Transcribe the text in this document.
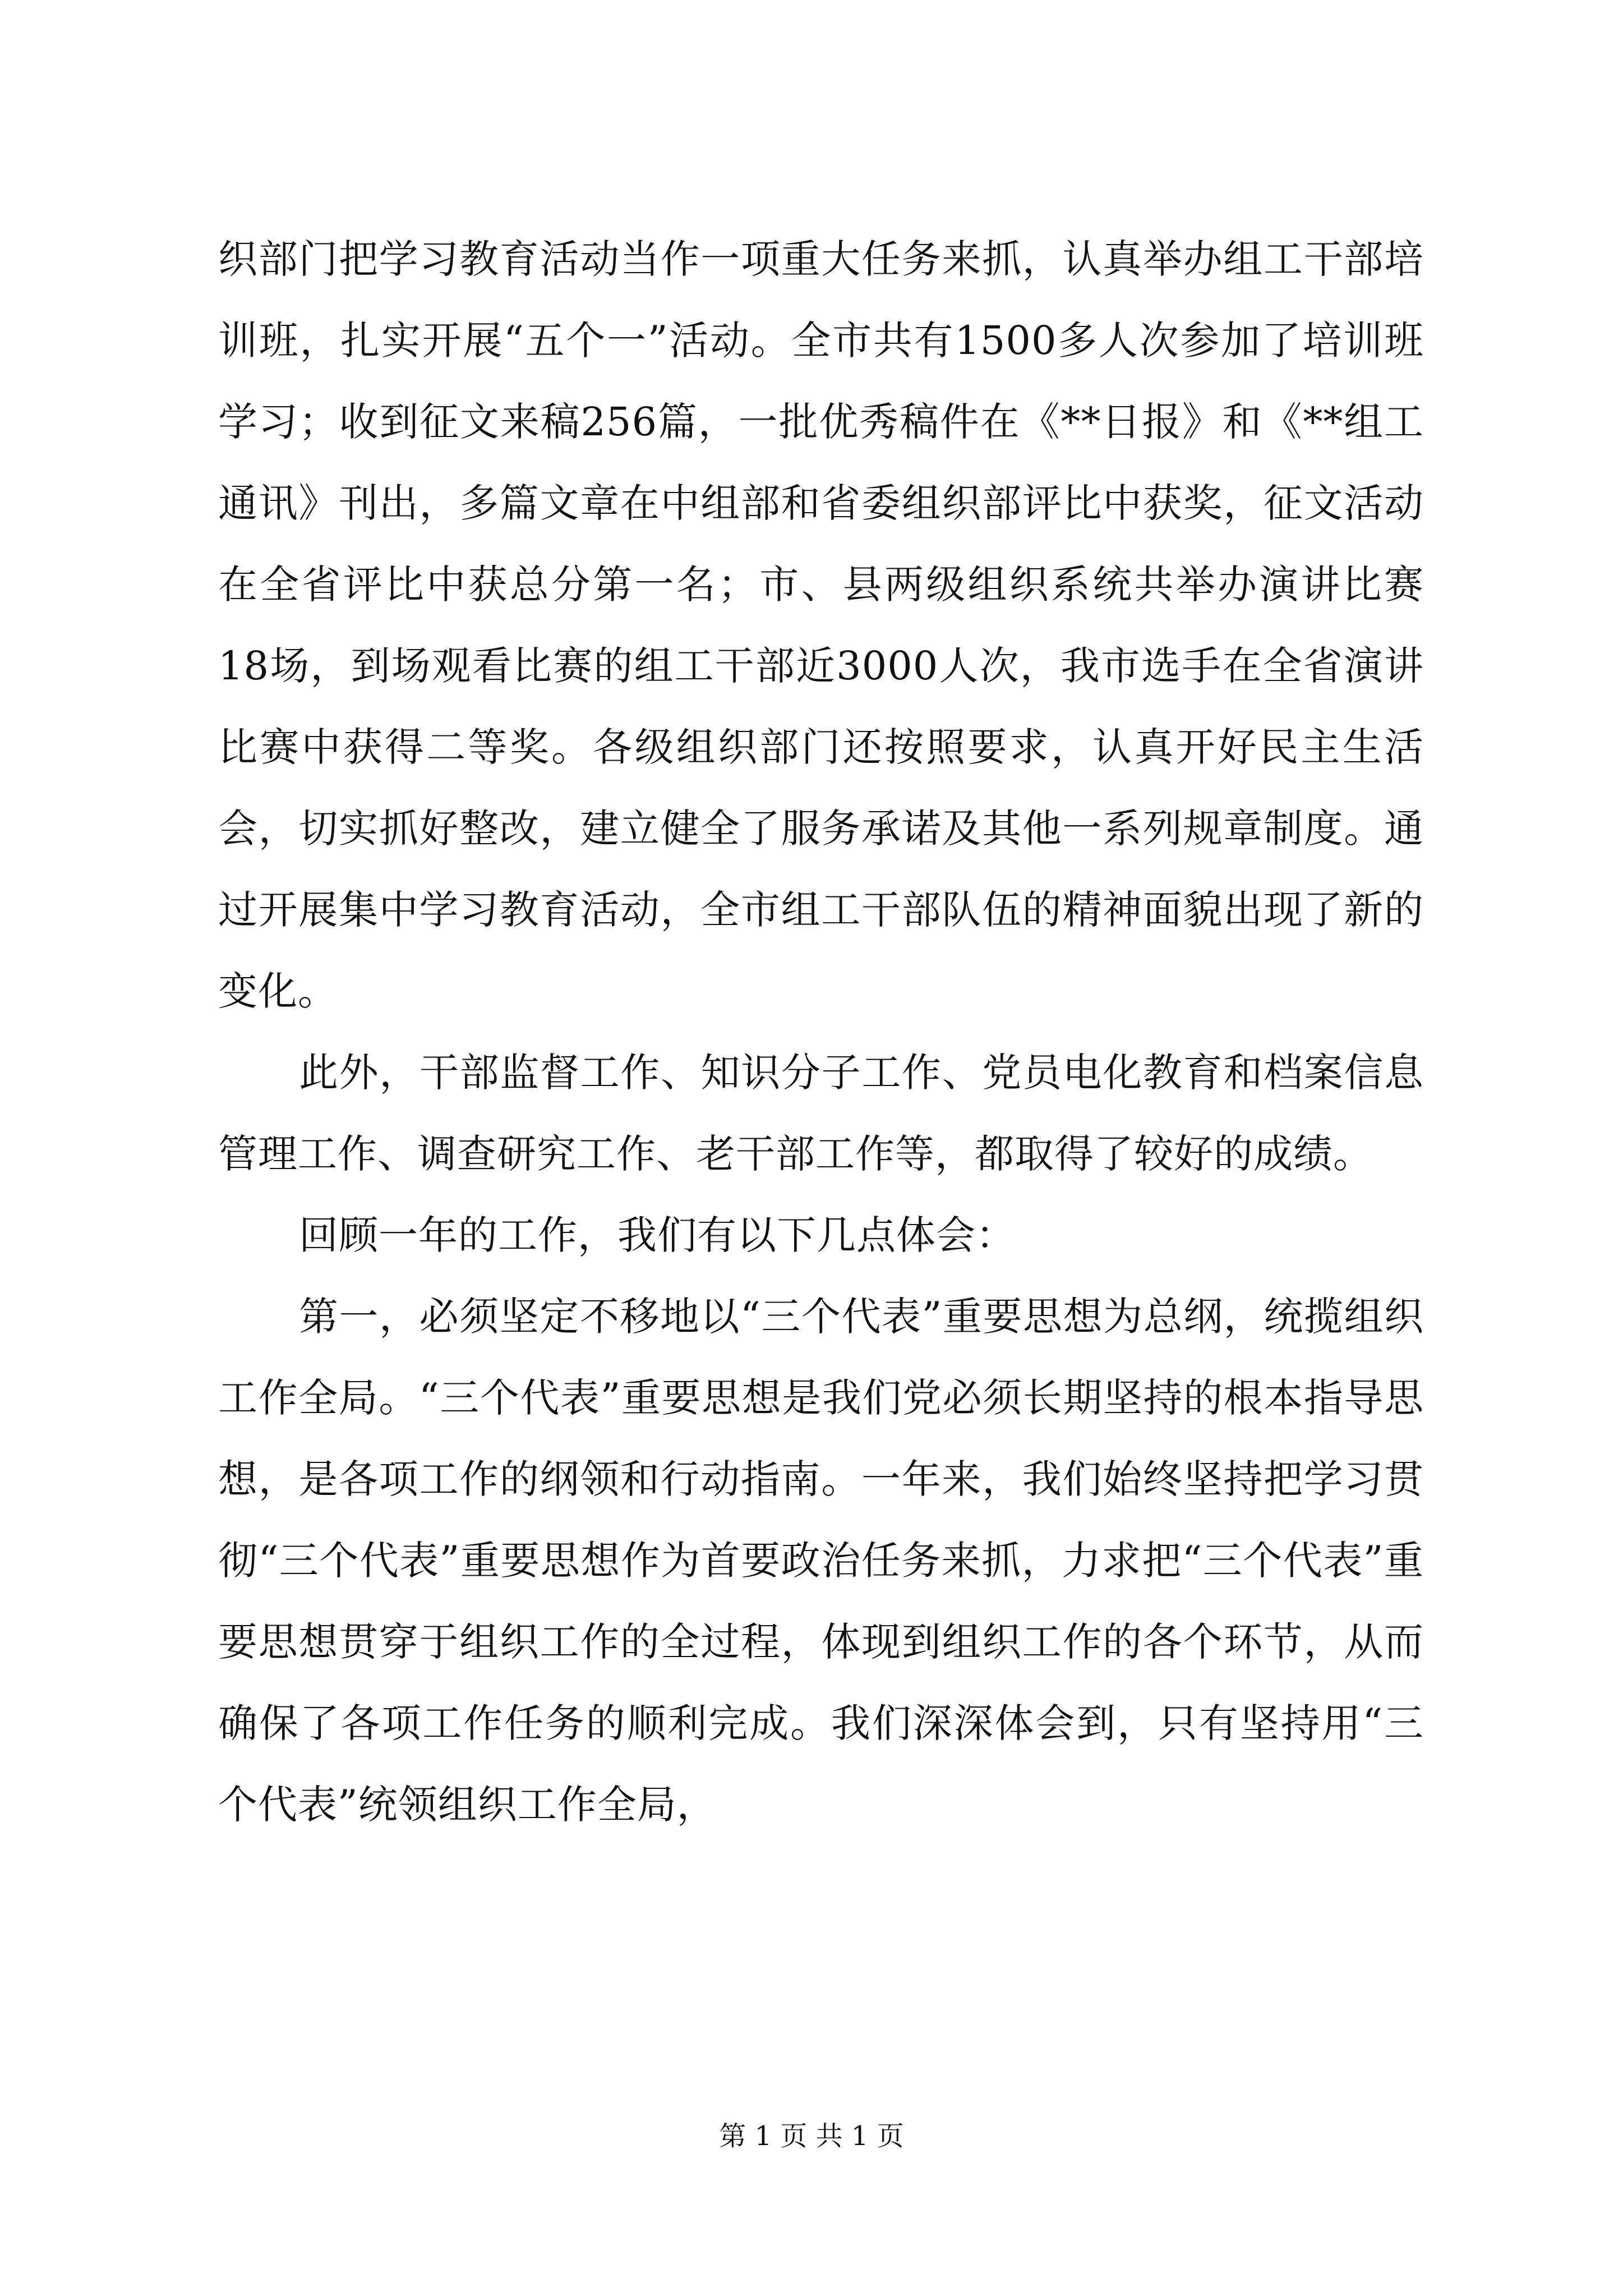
织部门把学习教育活动当作一项重大任务来抓，认真举办组工干部培训班，扎实开展“五个一”活动。全市共有1500多人次参加了培训班学习；收到征文来稿256篇，一批优秀稿件在《**日报》和《**组工通讯》刊出，多篇文章在中组部和省委组织部评比中获奖，征文活动在全省评比中获总分第一名；市、县两级组织系统共举办演讲比赛18场，到场观看比赛的组工干部近3000人次，我市选手在全省演讲比赛中获得二等奖。各级组织部门还按照要求，认真开好民主生活会，切实抓好整改，建立健全了服务承诺及其他一系列规章制度。通过开展集中学习教育活动，全市组工干部队伍的精神面貌出现了新的变化。

此外，干部监督工作、知识分子工作、党员电化教育和档案信息管理工作、调查研究工作、老干部工作等，都取得了较好的成绩。

回顾一年的工作，我们有以下几点体会：

第一，必须坚定不移地以“三个代表”重要思想为总纲，统揽组织工作全局。“三个代表”重要思想是我们党必须长期坚持的根本指导思想，是各项工作的纲领和行动指南。一年来，我们始终坚持把学习贯彻“三个代表”重要思想作为首要政治任务来抓，力求把“三个代表”重要思想贯穿于组织工作的全过程，体现到组织工作的各个环节，从而确保了各项工作任务的顺利完成。我们深深体会到，只有坚持用“三个代表”统领组织工作全局，

第 1 页 共 1 页
